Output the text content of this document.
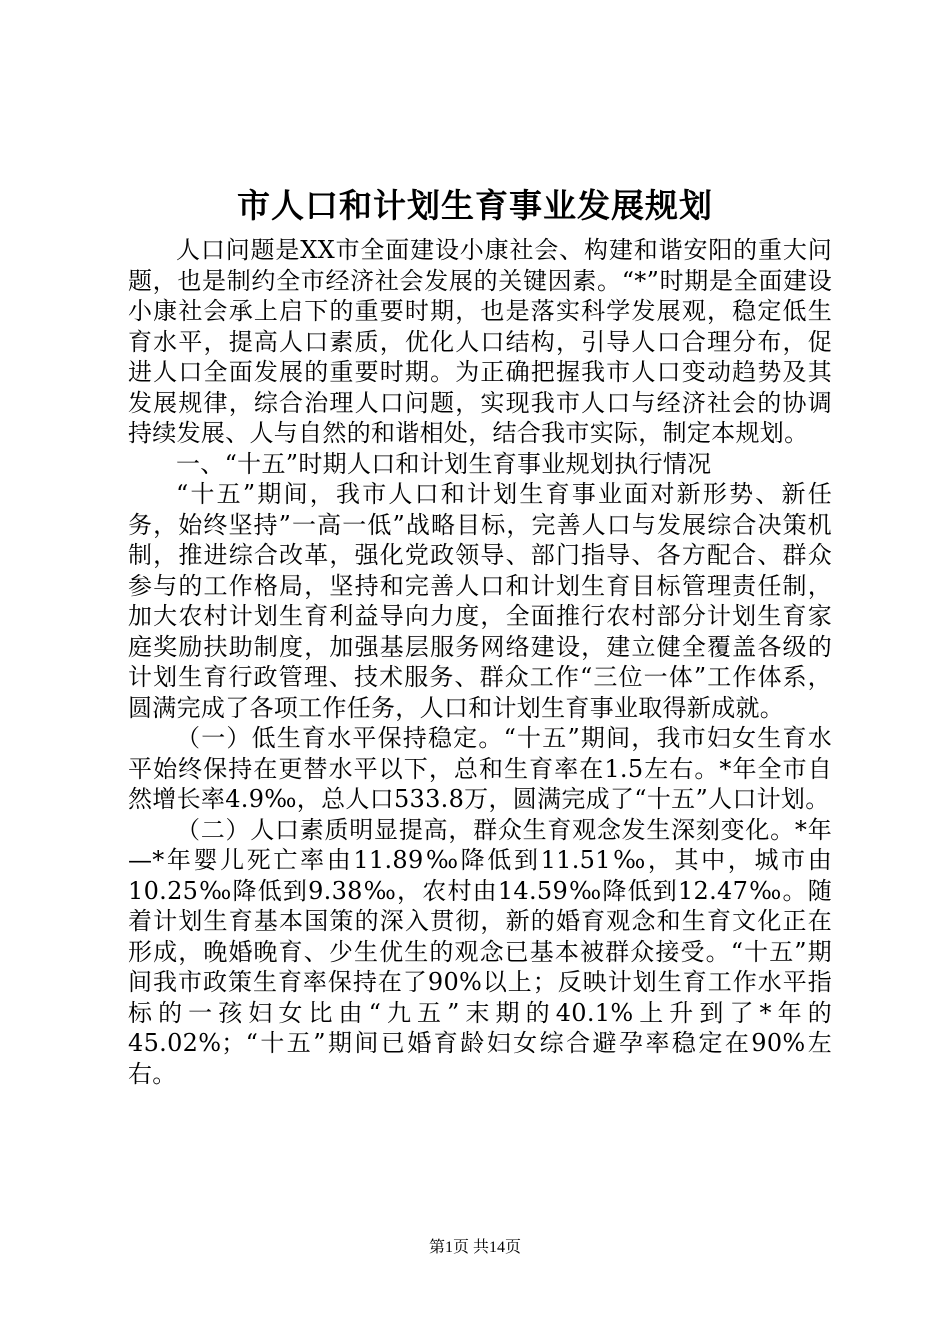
市人口和计划生育事业发展规划

人口问题是XX市全面建设小康社会、构建和谐安阳的重大问题，也是制约全市经济社会发展的关键因素。“*”时期是全面建设小康社会承上启下的重要时期，也是落实科学发展观，稳定低生育水平，提高人口素质，优化人口结构，引导人口合理分布，促进人口全面发展的重要时期。为正确把握我市人口变动趋势及其发展规律，综合治理人口问题，实现我市人口与经济社会的协调持续发展、人与自然的和谐相处，结合我市实际，制定本规划。

一、“十五”时期人口和计划生育事业规划执行情况

“十五”期间，我市人口和计划生育事业面对新形势、新任务，始终坚持”一高一低”战略目标，完善人口与发展综合决策机制，推进综合改革，强化党政领导、部门指导、各方配合、群众参与的工作格局，坚持和完善人口和计划生育目标管理责任制，加大农村计划生育利益导向力度，全面推行农村部分计划生育家庭奖励扶助制度，加强基层服务网络建设，建立健全覆盖各级的计划生育行政管理、技术服务、群众工作“三位一体”工作体系，圆满完成了各项工作任务，人口和计划生育事业取得新成就。

（一）低生育水平保持稳定。“十五”期间，我市妇女生育水平始终保持在更替水平以下，总和生育率在1.5左右。*年全市自然增长率4.9‰，总人口533.8万，圆满完成了“十五”人口计划。

（二）人口素质明显提高，群众生育观念发生深刻变化。*年—*年婴儿死亡率由11.89‰降低到11.51‰，其中，城市由10.25‰降低到9.38‰，农村由14.59‰降低到12.47‰。随着计划生育基本国策的深入贯彻，新的婚育观念和生育文化正在形成，晚婚晚育、少生优生的观念已基本被群众接受。“十五”期间我市政策生育率保持在了90%以上；反映计划生育工作水平指标的一孩妇女比由“九五”末期的40.1%上升到了*年的45.02%；“十五”期间已婚育龄妇女综合避孕率稳定在90%左右。

第1页 共14页
